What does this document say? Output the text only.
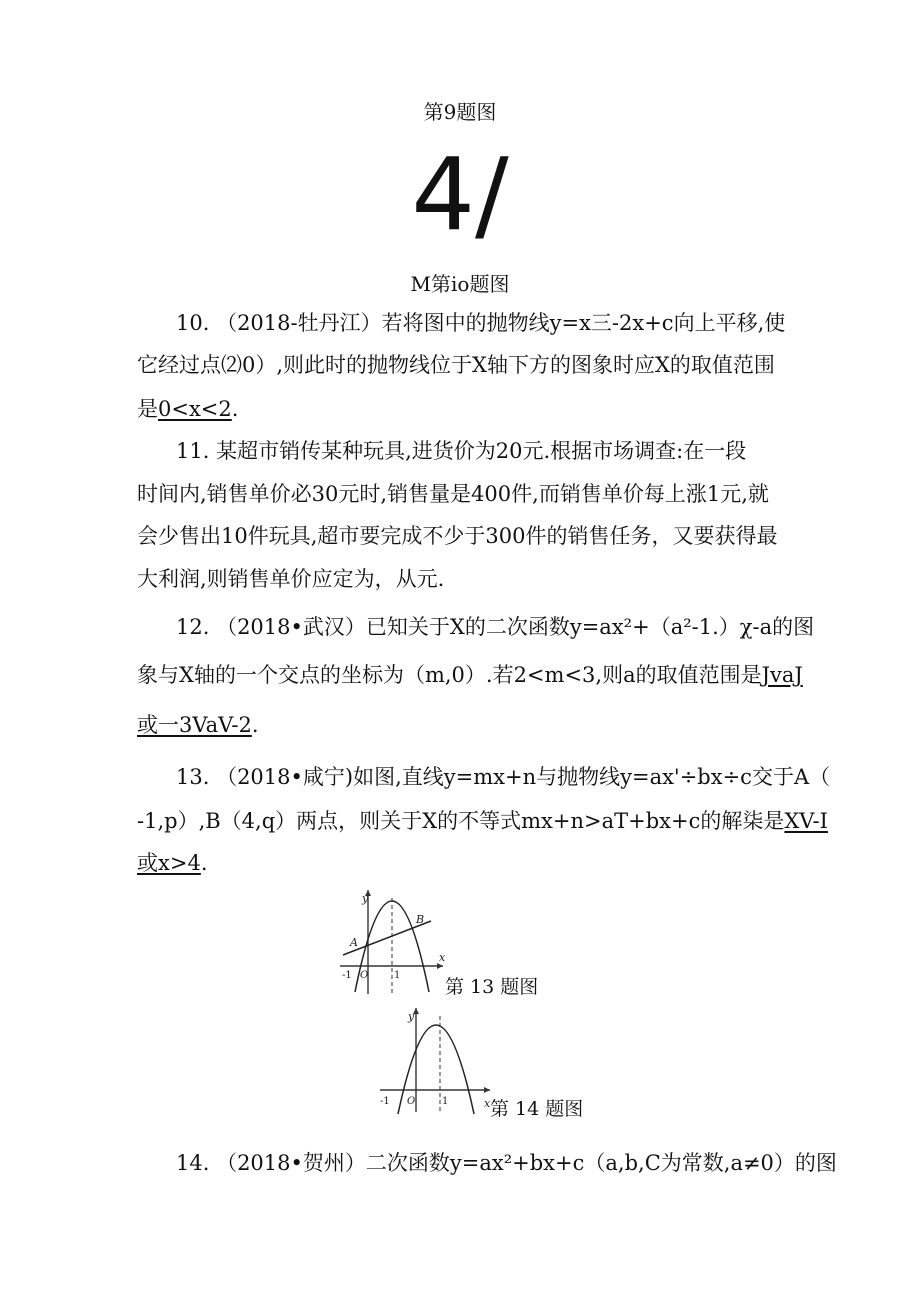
第9题图
4/
M第io题图
10. （2018-牡丹江）若将图中的抛物线y=x三-2x+c向上平移,使
它经过点⑵0）,则此时的抛物线位于X轴下方的图象时应X的取值范围
是0<x<2.
11. 某超市销传某种玩具,进货价为20元.根据市场调查:在一段
时间内,销售单价必30元时,销售量是400件,而销售单价每上涨1元,就
会少售出10件玩具,超市要完成不少于300件的销售任务，又要获得最
大利润,则销售单价应定为，从元.
12. （2018•武汉）已知关于X的二次函数y=ax²+（a²-1.）χ-a的图
象与X轴的一个交点的坐标为（m,0）.若2<m<3,则a的取值范围是JvaJ
或一3VaV-2.
13. （2018•咸宁)如图,直线y=mx+n与抛物线y=ax'÷bx÷c交于A（
-1,p）,B（4,q）两点，则关于X的不等式mx+n>aT+bx+c的解柒是XV-I
或x>4.
y
x
A
B
-1 O	1
第 13 题图
y
x
-1 O	1 第 14 题图
14. （2018•贺州）二次函数y=ax²+bx+c（a,b,C为常数,a≠0）的图
